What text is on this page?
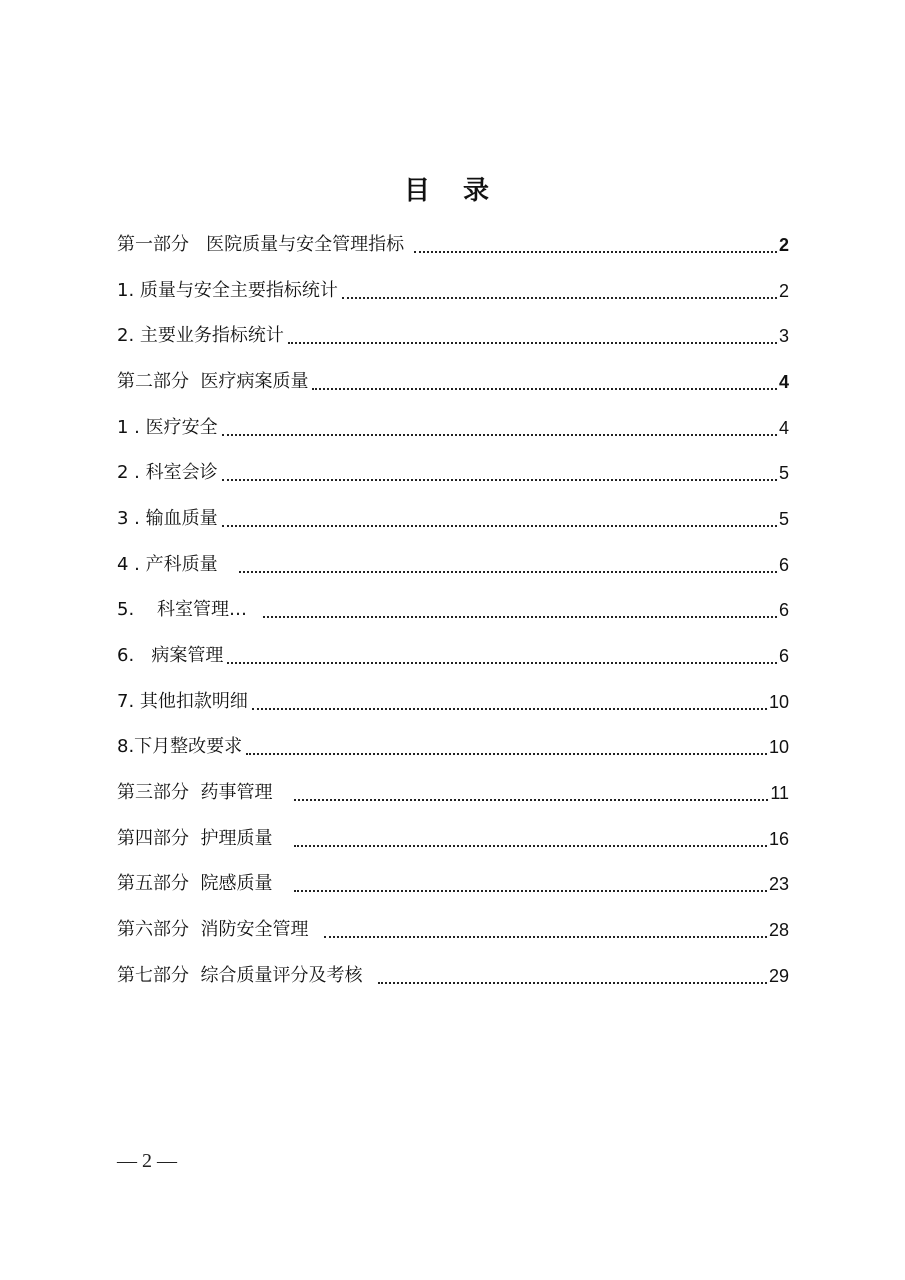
目 录
第一部分   医院质量与安全管理指标	2
1. 质量与安全主要指标统计	2
2. 主要业务指标统计	3
第二部分  医疗病案质量	4
1 . 医疗安全	4
2 . 科室会诊	5
3 . 输血质量	5
4 . 产科质量	6
5.    科室管理…	6
6.   病案管理	6
7. 其他扣款明细	10
8.下月整改要求	10
第三部分  药事管理	11
第四部分  护理质量	16
第五部分  院感质量	23
第六部分  消防安全管理	28
第七部分  综合质量评分及考核	29
— 2 —
